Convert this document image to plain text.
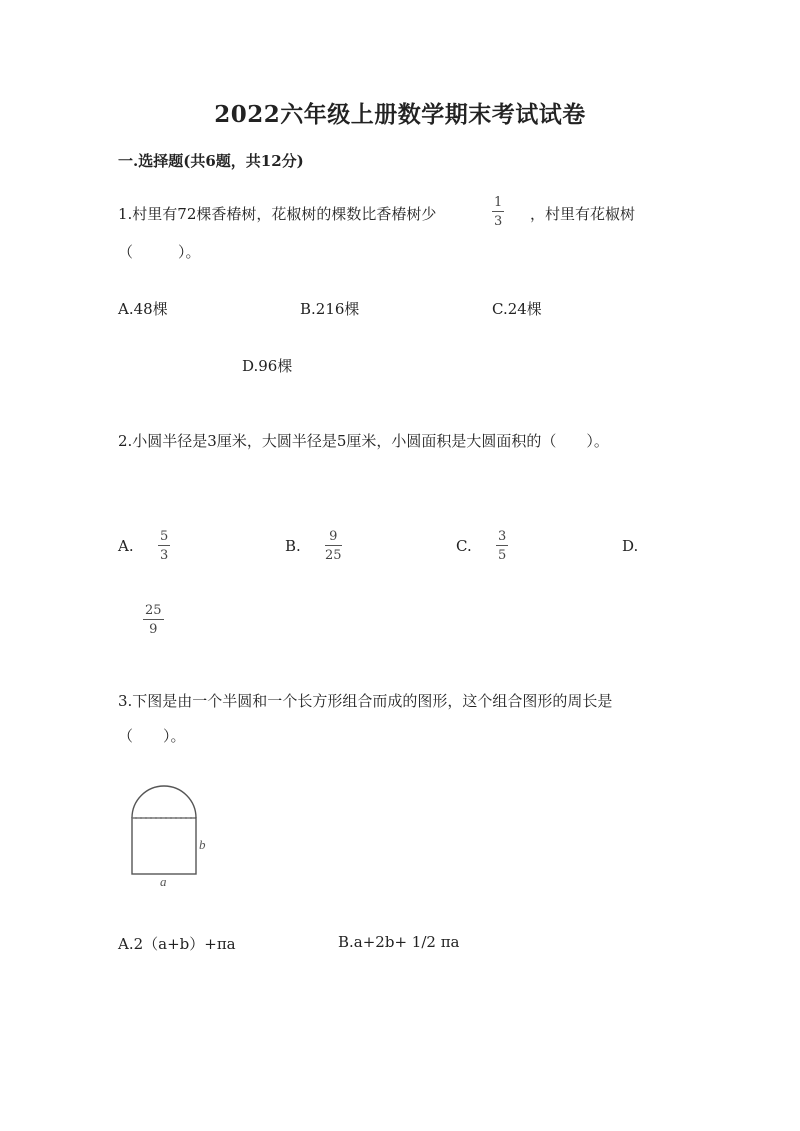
2022六年级上册数学期末考试试卷
一.选择题(共6题，共12分)
1.村里有72棵香椿树，花椒树的棵数比香椿树少
1
3 ，村里有花椒树
（　　　）。
A.48棵	B.216棵	C.24棵
D.96棵
2.小圆半径是3厘米，大圆半径是5厘米，小圆面积是大圆面积的（　　）。
A.
5
3
B.
9
25
C.
3
5
D.
25
9
3.下图是由一个半圆和一个长方形组合而成的图形，这个组合图形的周长是
（　　）。
a
b
A.2（a+b）+πa	B.a+2b+ 1/2 πa
